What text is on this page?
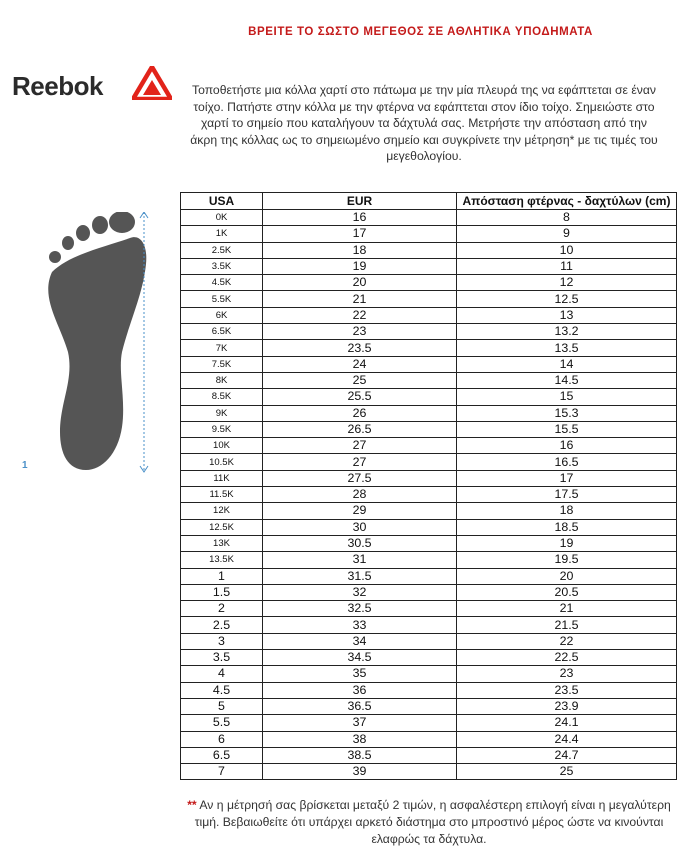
ΒΡΕΙΤΕ ΤΟ ΣΩΣΤΟ ΜΕΓΕΘΟΣ ΣΕ ΑΘΛΗΤΙΚΑ ΥΠΟΔΗΜΑΤΑ
Reebok	Τοποθετήστε μια κόλλα χαρτί στο πάτωμα με την μία πλευρά της να εφάπτεται σε έναν τοίχο. Πατήστε στην κόλλα με την φτέρνα να εφάπτεται στον ίδιο τοίχο. Σημειώστε στο χαρτί το σημείο που καταλήγουν τα δάχτυλά σας. Μετρήστε την απόσταση από την άκρη της κόλλας ως το σημειωμένο σημείο και συγκρίνετε την μέτρηση* με τις τιμές του μεγεθολογίου.
1
USA	EUR	Απόσταση φτέρνας - δαχτύλων (cm)
0K	16	8
1K	17	9
2.5K	18	10
3.5K	19	11
4.5K	20	12
5.5K	21	12.5
6K	22	13
6.5K	23	13.2
7K	23.5	13.5
7.5K	24	14
8K	25	14.5
8.5K	25.5	15
9K	26	15.3
9.5K	26.5	15.5
10K	27	16
10.5K	27	16.5
11K	27.5	17
11.5K	28	17.5
12K	29	18
12.5K	30	18.5
13K	30.5	19
13.5K	31	19.5
1	31.5	20
1.5	32	20.5
2	32.5	21
2.5	33	21.5
3	34	22
3.5	34.5	22.5
4	35	23
4.5	36	23.5
5	36.5	23.9
5.5	37	24.1
6	38	24.4
6.5	38.5	24.7
7	39	25
** Αν η μέτρησή σας βρίσκεται μεταξύ 2 τιμών, η ασφαλέστερη επιλογή είναι η μεγαλύτερη τιμή. Βεβαιωθείτε ότι υπάρχει αρκετό διάστημα στο μπροστινό μέρος ώστε να κινούνται ελαφρώς τα δάχτυλα.
